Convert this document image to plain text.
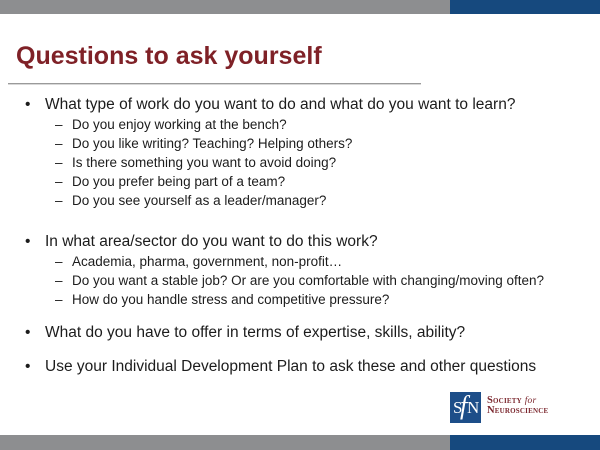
Questions to ask yourself
• What type of work do you want to do and what do you want to learn?
– Do you enjoy working at the bench?
– Do you like writing? Teaching? Helping others?
– Is there something you want to avoid doing?
– Do you prefer being part of a team?
– Do you see yourself as a leader/manager?
• In what area/sector do you want to do this work?
– Academia, pharma, government, non-profit…
– Do you want a stable job? Or are you comfortable with changing/moving often?
– How do you handle stress and competitive pressure?
• What do you have to offer in terms of expertise, skills, ability?
• Use your Individual Development Plan to ask these and other questions
S
f N Society for
Neuroscience
